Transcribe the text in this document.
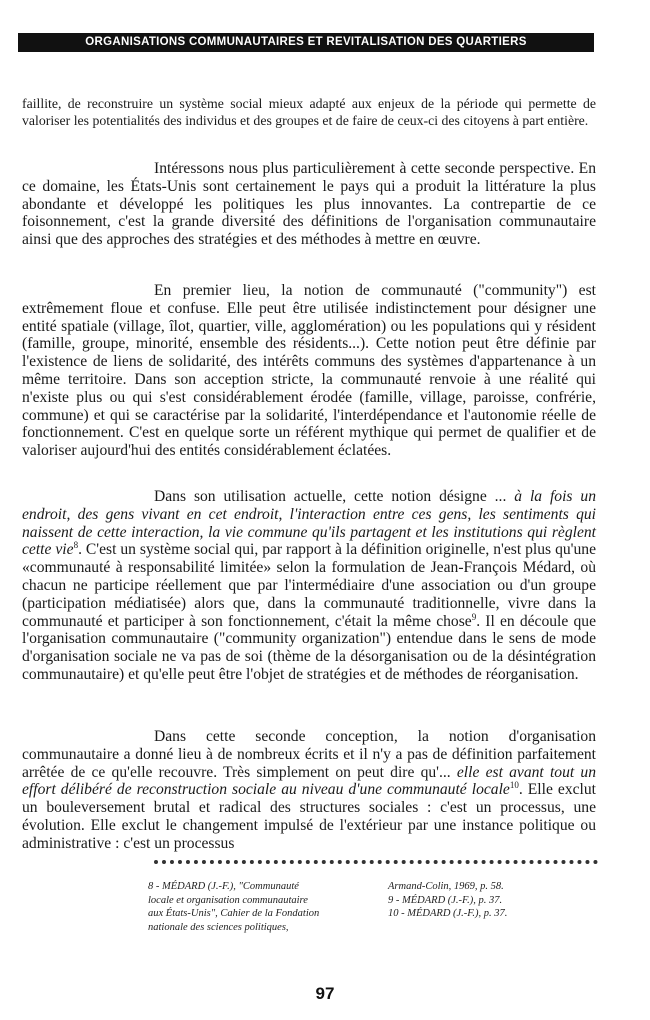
ORGANISATIONS COMMUNAUTAIRES ET REVITALISATION DES QUARTIERS

faillite, de reconstruire un système social mieux adapté aux enjeux de la période qui permette de valoriser les potentialités des individus et des groupes et de faire de ceux-ci des citoyens à part entière.

Intéressons nous plus particulièrement à cette seconde perspective. En ce domaine, les États-Unis sont certainement le pays qui a produit la littérature la plus abondante et développé les politiques les plus innovantes. La contrepartie de ce foisonnement, c'est la grande diversité des définitions de l'organisation communautaire ainsi que des approches des stratégies et des méthodes à mettre en œuvre.

En premier lieu, la notion de communauté ("community") est extrêmement floue et confuse. Elle peut être utilisée indistinctement pour désigner une entité spatiale (village, îlot, quartier, ville, agglomération) ou les populations qui y résident (famille, groupe, minorité, ensemble des résidents...). Cette notion peut être définie par l'existence de liens de solidarité, des intérêts communs des systèmes d'appartenance à un même territoire. Dans son acception stricte, la communauté renvoie à une réalité qui n'existe plus ou qui s'est considérablement érodée (famille, village, paroisse, confrérie, commune) et qui se caractérise par la solidarité, l'interdépendance et l'autonomie réelle de fonctionnement. C'est en quelque sorte un référent mythique qui permet de qualifier et de valoriser aujourd'hui des entités considérablement éclatées.

Dans son utilisation actuelle, cette notion désigne ... à la fois un endroit, des gens vivant en cet endroit, l'interaction entre ces gens, les sentiments qui naissent de cette interaction, la vie commune qu'ils partagent et les institutions qui règlent cette vie$^8$. C'est un système social qui, par rapport à la définition originelle, n'est plus qu'une «communauté à responsabilité limitée» selon la formulation de Jean-François Médard, où chacun ne participe réellement que par l'intermédiaire d'une association ou d'un groupe (participation médiatisée) alors que, dans la communauté traditionnelle, vivre dans la communauté et participer à son fonctionnement, c'était la même chose$^9$. Il en découle que l'organisation communautaire ("community organization") entendue dans le sens de mode d'organisation sociale ne va pas de soi (thème de la désorganisation ou de la désintégration communautaire) et qu'elle peut être l'objet de stratégies et de méthodes de réorganisation.

Dans cette seconde conception, la notion d'organisation communautaire a donné lieu à de nombreux écrits et il n'y a pas de définition parfaitement arrêtée de ce qu'elle recouvre. Très simplement on peut dire qu'... elle est avant tout un effort délibéré de reconstruction sociale au niveau d'une communauté locale$^{10}$. Elle exclut un bouleversement brutal et radical des structures sociales : c'est un processus, une évolution. Elle exclut le changement impulsé de l'extérieur par une instance politique ou administrative : c'est un processus

8 - MÉDARD (J.-F.), "Communauté
locale et organisation communautaire
aux États-Unis", Cahier de la Fondation
nationale des sciences politiques,
Armand-Colin, 1969, p. 58.
9 - MÉDARD (J.-F.), p. 37.
10 - MÉDARD (J.-F.), p. 37.
97
